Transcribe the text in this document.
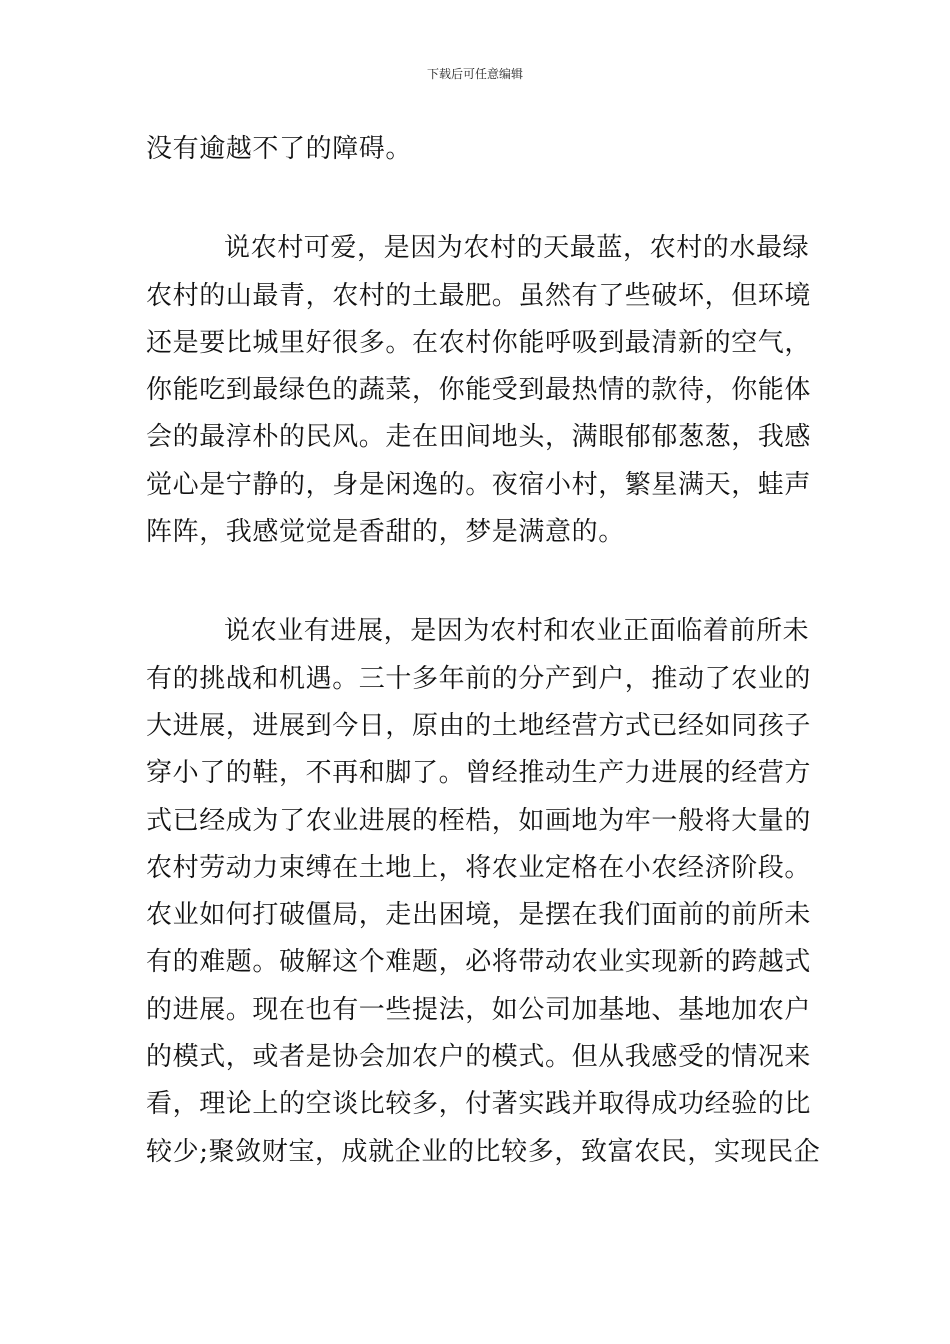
下载后可任意编辑
没有逾越不了的障碍。
说农村可爱，是因为农村的天最蓝，农村的水最绿
农村的山最青，农村的土最肥。虽然有了些破坏，但环境
还是要比城里好很多。在农村你能呼吸到最清新的空气，
你能吃到最绿色的蔬菜，你能受到最热情的款待，你能体
会的最淳朴的民风。走在田间地头，满眼郁郁葱葱，我感
觉心是宁静的，身是闲逸的。夜宿小村，繁星满天，蛙声
阵阵，我感觉觉是香甜的，梦是满意的。
说农业有进展，是因为农村和农业正面临着前所未
有的挑战和机遇。三十多年前的分产到户，推动了农业的
大进展，进展到今日，原由的土地经营方式已经如同孩子
穿小了的鞋，不再和脚了。曾经推动生产力进展的经营方
式已经成为了农业进展的桎梏，如画地为牢一般将大量的
农村劳动力束缚在土地上，将农业定格在小农经济阶段。
农业如何打破僵局，走出困境，是摆在我们面前的前所未
有的难题。破解这个难题，必将带动农业实现新的跨越式
的进展。现在也有一些提法，如公司加基地、基地加农户
的模式，或者是协会加农户的模式。但从我感受的情况来
看，理论上的空谈比较多，付著实践并取得成功经验的比
较少;聚敛财宝，成就企业的比较多，致富农民，实现民企
